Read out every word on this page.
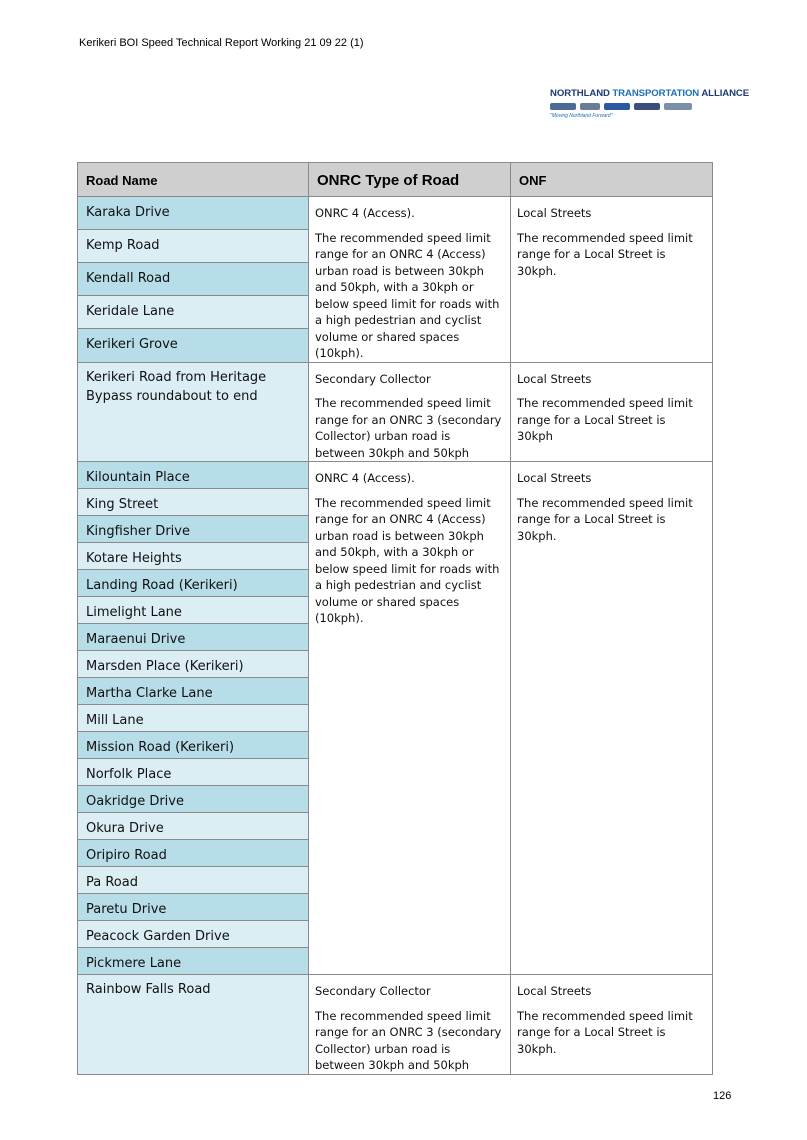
Kerikeri BOI Speed Technical Report Working 21 09 22 (1)
NORTHLAND TRANSPORTATION ALLIANCE
"Moving Northland Forward"
Road Name	ONRC Type of Road	ONF

Karaka Drive	ONRC 4 (Access).
The recommended speed limit range for an ONRC 4 (Access) urban road is between 30kph and 50kph, with a 30kph or below speed limit for roads with a high pedestrian and cyclist volume or shared spaces (10kph).	Local Streets
The recommended speed limit range for a Local Street is 30kph.

Kemp Road		

Kendall Road		

Keridale Lane		

Kerikeri Grove		

Kerikeri Road from Heritage Bypass roundabout to end	Secondary Collector
The recommended speed limit range for an ONRC 3 (secondary Collector) urban road is between 30kph and 50kph	Local Streets
The recommended speed limit range for a Local Street is 30kph

Kilountain Place	ONRC 4 (Access).
The recommended speed limit range for an ONRC 4 (Access) urban road is between 30kph and 50kph, with a 30kph or below speed limit for roads with a high pedestrian and cyclist volume or shared spaces (10kph).	Local Streets
The recommended speed limit range for a Local Street is 30kph.

King Street		

Kingfisher Drive		

Kotare Heights		

Landing Road (Kerikeri)		

Limelight Lane		

Maraenui Drive		

Marsden Place (Kerikeri)		

Martha Clarke Lane		

Mill Lane		

Mission Road (Kerikeri)		

Norfolk Place		

Oakridge Drive		

Okura Drive		

Oripiro Road		

Pa Road		

Paretu Drive		

Peacock Garden Drive		

Pickmere Lane		

Rainbow Falls Road	Secondary Collector
The recommended speed limit range for an ONRC 3 (secondary Collector) urban road is between 30kph and 50kph	Local Streets
The recommended speed limit range for a Local Street is 30kph.
126
